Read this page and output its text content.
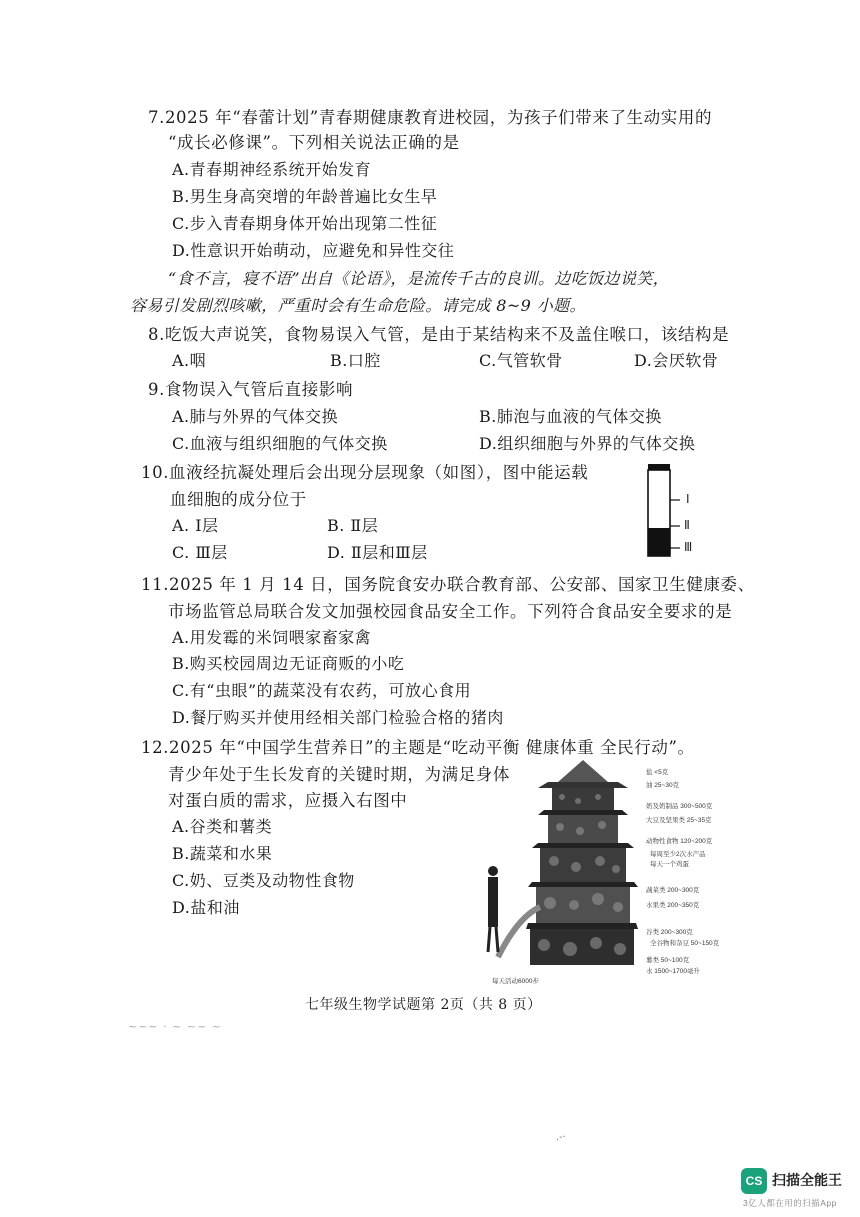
7.2025 年“春蕾计划”青春期健康教育进校园，为孩子们带来了生动实用的
“成长必修课”。下列相关说法正确的是
A.青春期神经系统开始发育
B.男生身高突增的年龄普遍比女生早
C.步入青春期身体开始出现第二性征
D.性意识开始萌动，应避免和异性交往
“食不言，寝不语”出自《论语》，是流传千古的良训。边吃饭边说笑，
容易引发剧烈咳嗽，严重时会有生命危险。请完成 8~9 小题。
8.吃饭大声说笑，食物易误入气管，是由于某结构来不及盖住喉口，该结构是
A.咽	B.口腔	C.气管软骨	D.会厌软骨
9.食物误入气管后直接影响
A.肺与外界的气体交换	B.肺泡与血液的气体交换
C.血液与组织细胞的气体交换	D.组织细胞与外界的气体交换
10.血液经抗凝处理后会出现分层现象（如图），图中能运载
血细胞的成分位于
A. Ⅰ层	B. Ⅱ层
C. Ⅲ层	D. Ⅱ层和Ⅲ层
Ⅰ
Ⅱ
Ⅲ
11.2025 年 1 月 14 日，国务院食安办联合教育部、公安部、国家卫生健康委、
市场监管总局联合发文加强校园食品安全工作。下列符合食品安全要求的是
A.用发霉的米饲喂家畜家禽
B.购买校园周边无证商贩的小吃
C.有“虫眼”的蔬菜没有农药，可放心食用
D.餐厅购买并使用经相关部门检验合格的猪肉
12.2025 年“中国学生营养日”的主题是“吃动平衡 健康体重 全民行动”。
青少年处于生长发育的关键时期，为满足身体
对蛋白质的需求，应摄入右图中
A.谷类和薯类
B.蔬菜和水果
C.奶、豆类及动物性食物
D.盐和油
盐 <5克
油 25~30克
奶及奶制品 300~500克
大豆及坚果类 25~35克
动物性食物 120~200克
每周至少2次水产品
每天一个鸡蛋
蔬菜类 200~300克
水果类 200~350克
谷类 200~300克
全谷物和杂豆 50~150克
薯类 50~100克
水 1500~1700毫升
每天活动6000步
七年级生物学试题第 2页（共 8 页）
~~~ · ~ ~~ ~
.-·
CS 扫描全能王
3亿人都在用的扫描App
